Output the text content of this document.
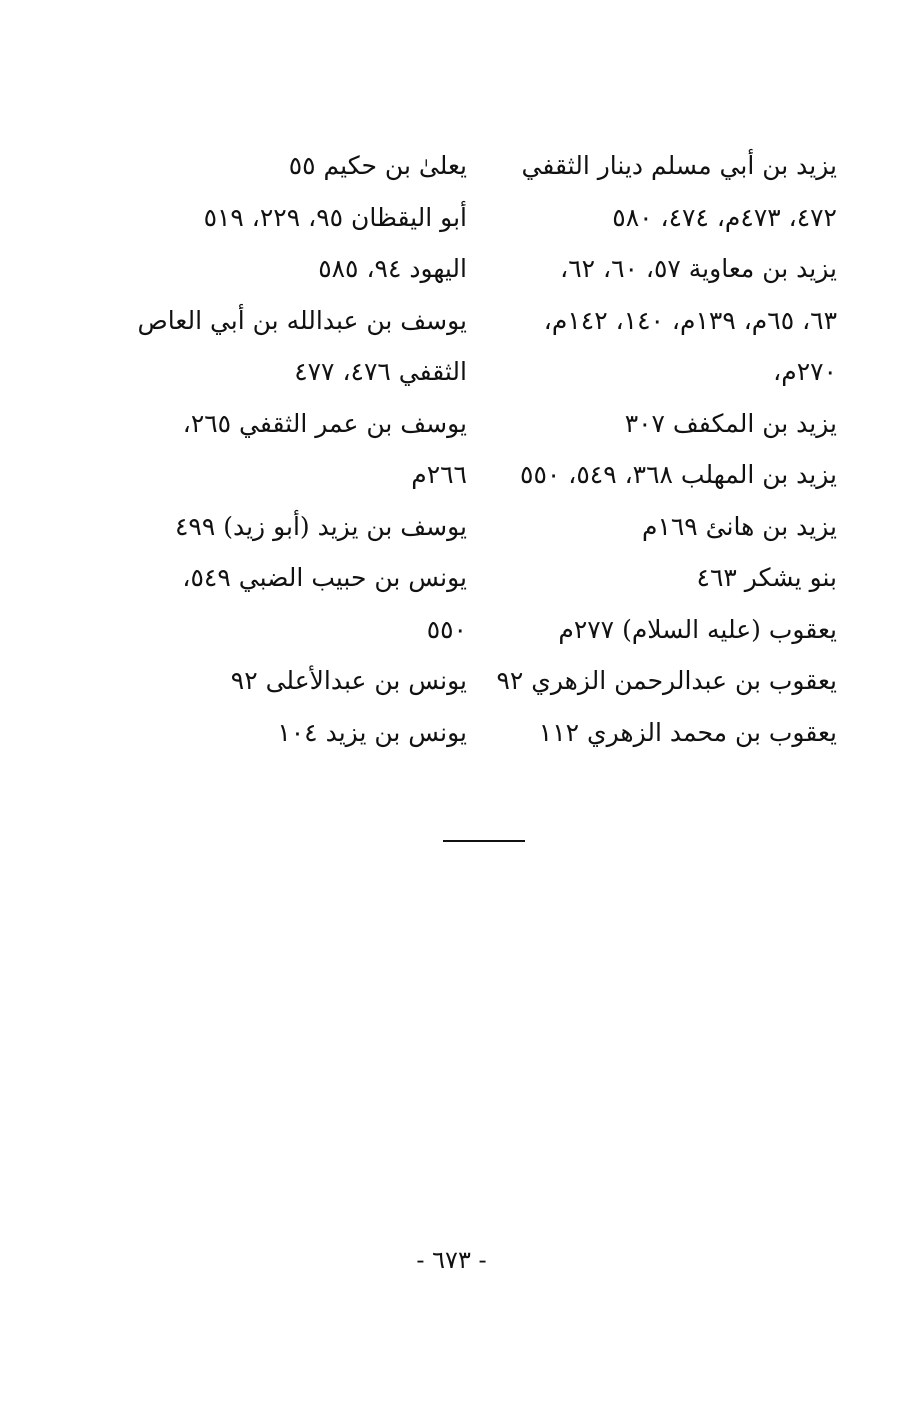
يزيد بن أبي مسلم دينار الثقفي
٤٧٢، ٤٧٣م، ٤٧٤، ٥٨٠
يزيد بن معاوية ٥٧، ٦٠، ٦٢،
٦٣، ٦٥م، ١٣٩م، ١٤٠، ١٤٢م،
٢٧٠م،
يزيد بن المكفف ٣٠٧
يزيد بن المهلب ٣٦٨، ٥٤٩، ٥٥٠
يزيد بن هانئ ١٦٩م
بنو يشكر ٤٦٣
يعقوب (عليه السلام) ٢٧٧م
يعقوب بن عبدالرحمن الزهري ٩٢
يعقوب بن محمد الزهري ١١٢
يعلىٰ بن حكيم ٥٥
أبو اليقظان ٩٥، ٢٢٩، ٥١٩
اليهود ٩٤، ٥٨٥
يوسف بن عبدالله بن أبي العاص
الثقفي ٤٧٦، ٤٧٧
يوسف بن عمر الثقفي ٢٦٥،
٢٦٦م
يوسف بن يزيد (أبو زيد) ٤٩٩
يونس بن حبيب الضبي ٥٤٩،
٥٥٠
يونس بن عبدالأعلى ٩٢
يونس بن يزيد ١٠٤
- ٦٧٣ -
